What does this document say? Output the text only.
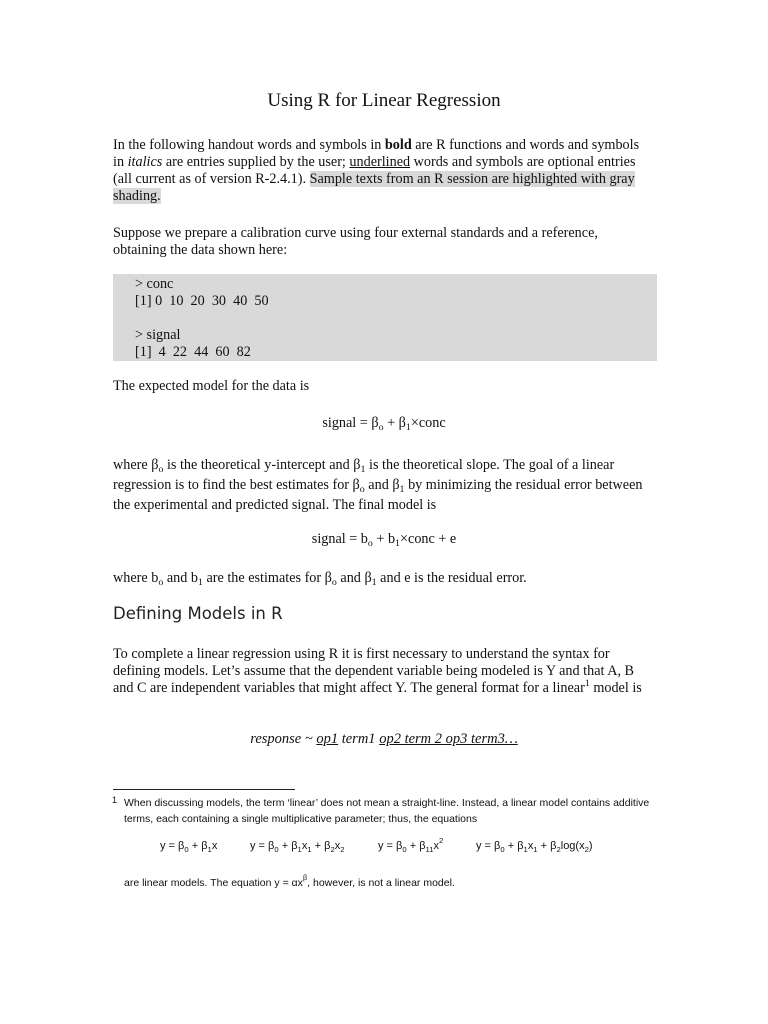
Using R for Linear Regression
In the following handout words and symbols in bold are R functions and words and symbols in italics are entries supplied by the user; underlined words and symbols are optional entries (all current as of version R-2.4.1). Sample texts from an R session are highlighted with gray shading.
Suppose we prepare a calibration curve using four external standards and a reference, obtaining the data shown here:
> conc
[1] 0  10  20  30  40  50
> signal
[1]  4  22  44  60  82
The expected model for the data is
signal = $\beta_o$ + $\beta_1\times conc$
where $\beta_o$ is the theoretical y-intercept and $\beta_1$ is the theoretical slope. The goal of a linear regression is to find the best estimates for $\beta_o$ and $\beta_1$ by minimizing the residual error between the experimental and predicted signal. The final model is
signal = $b_o$ + $b_1\times conc + e$
where $b_o$ and $b_1$ are the estimates for $\beta_o$ and $\beta_1$ and e is the residual error.
Defining Models in R
To complete a linear regression using R it is first necessary to understand the syntax for defining models. Let’s assume that the dependent variable being modeled is Y and that A, B and C are independent variables that might affect Y. The general format for a linear$^1$ model is
response ~ op1 term1 op2 term 2 op3 term3…
1 When discussing models, the term ‘linear’ does not mean a straight-line. Instead, a linear model contains additive terms, each containing a single multiplicative parameter; thus, the equations
$y = \beta_0 + \beta_1x$	$y = \beta_0 + \beta_1x_1 + \beta_2x_2$	$y = \beta_0 + \beta_{11}x^2$	$y = \beta_0 + \beta_1x_1 + \beta_2\log(x_2)$
are linear models. The equation $y = \alpha x^\beta$, however, is not a linear model.
